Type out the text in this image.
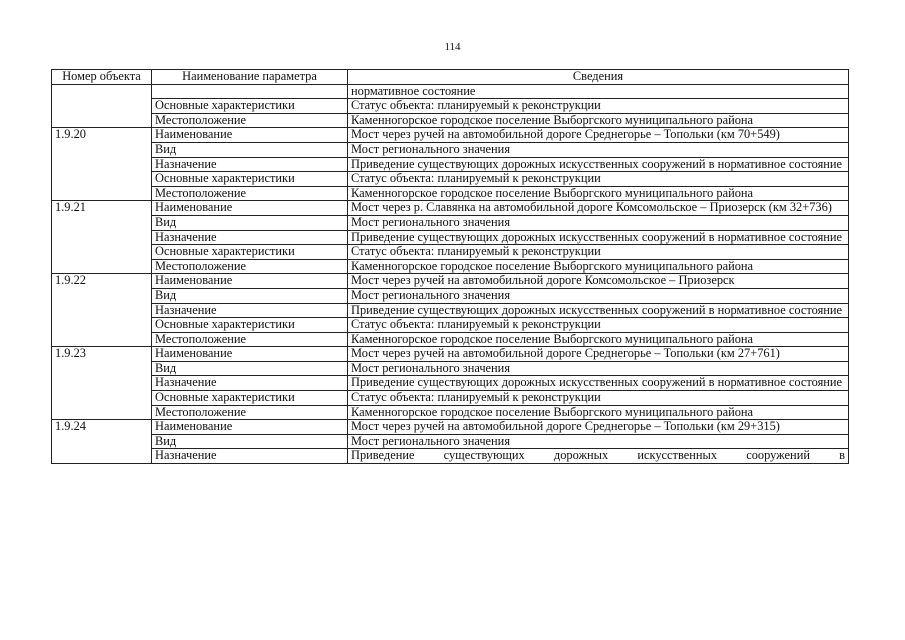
114
Номер объекта	Наименование параметра	Сведения
		нормативное состояние
	Основные характеристики	Статус объекта: планируемый к реконструкции
	Местоположение	Каменногорское городское поселение Выборгского муниципального района
1.9.20	Наименование	Мост через ручей на автомобильной дороге Среднегорье – Топольки (км 70+549)
	Вид	Мост регионального значения
	Назначение	Приведение существующих дорожных искусственных сооружений в нормативное состояние
	Основные характеристики	Статус объекта: планируемый к реконструкции
	Местоположение	Каменногорское городское поселение Выборгского муниципального района
1.9.21	Наименование	Мост через р. Славянка на автомобильной дороге Комсомольское – Приозерск (км 32+736)
	Вид	Мост регионального значения
	Назначение	Приведение существующих дорожных искусственных сооружений в нормативное состояние
	Основные характеристики	Статус объекта: планируемый к реконструкции
	Местоположение	Каменногорское городское поселение Выборгского муниципального района
1.9.22	Наименование	Мост через ручей на автомобильной дороге Комсомольское – Приозерск
	Вид	Мост регионального значения
	Назначение	Приведение существующих дорожных искусственных сооружений в нормативное состояние
	Основные характеристики	Статус объекта: планируемый к реконструкции
	Местоположение	Каменногорское городское поселение Выборгского муниципального района
1.9.23	Наименование	Мост через ручей на автомобильной дороге Среднегорье – Топольки (км 27+761)
	Вид	Мост регионального значения
	Назначение	Приведение существующих дорожных искусственных сооружений в нормативное состояние
	Основные характеристики	Статус объекта: планируемый к реконструкции
	Местоположение	Каменногорское городское поселение Выборгского муниципального района
1.9.24	Наименование	Мост через ручей на автомобильной дороге Среднегорье – Топольки (км 29+315)
	Вид	Мост регионального значения
	Назначение	Приведение существующих дорожных искусственных сооружений в
